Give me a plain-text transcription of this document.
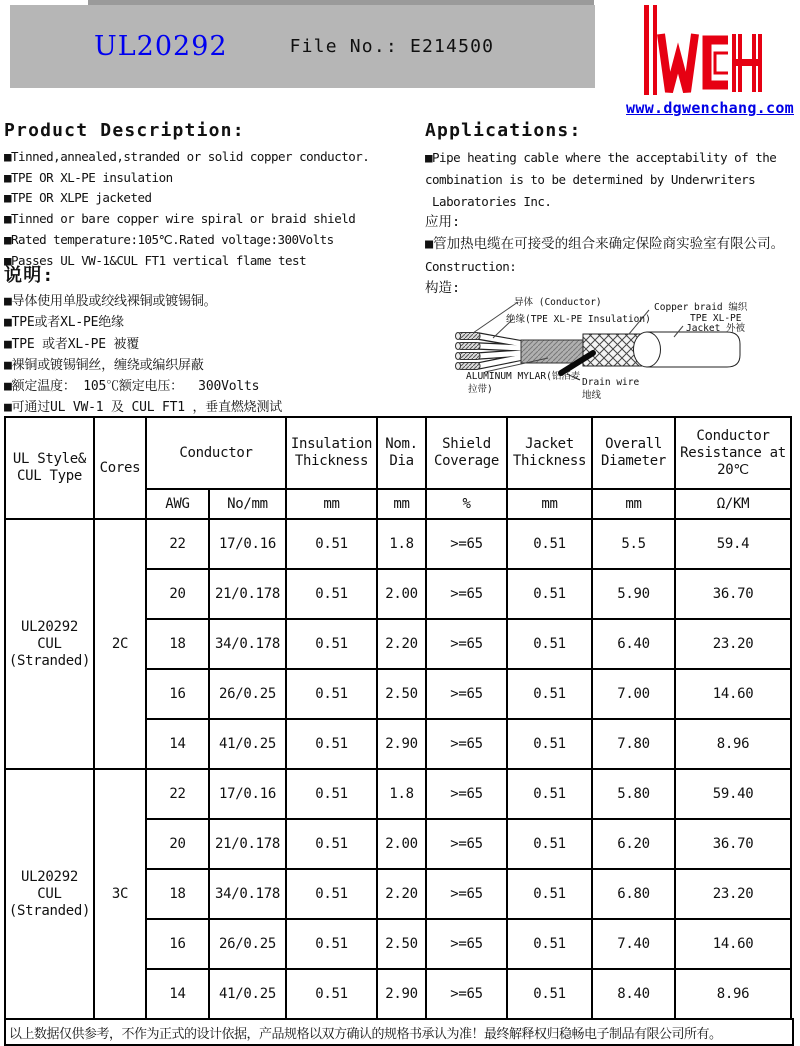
UL20292	File No.: E214500
www.dgwenchang.com
Product Description:
■Tinned,annealed,stranded or solid copper conductor.
■TPE OR XL-PE insulation
■TPE OR XLPE jacketed
■Tinned or bare copper wire spiral or braid shield
■Rated temperature:105℃.Rated voltage:300Volts
■Passes UL VW-1&CUL FT1 vertical flame test
Applications:
■Pipe heating cable where the acceptability of the
combination is to be determined by Underwriters
Laboratories Inc.
应用:
■管加热电缆在可接受的组合来确定保险商实验室有限公司。
Construction:
构造:
说明:
■导体使用单股或绞线裸铜或镀锡铜。
■TPE或者XL-PE绝缘
■TPE 或者XL-PE 被覆
■裸铜或镀锡铜丝，缠绕或编织屏蔽
■额定温度： 105℃额定电压：  300Volts
■可通过UL VW-1 及 CUL FT1 ，垂直燃烧测试
导体 (Conductor)
绝缘(TPE XL-PE Insulation)
Copper braid 编织
TPE XL-PE
Jacket 外被
ALUMINUM MYLAR(铝箔麦
拉带)
Drain wire
地线
UL Style& CUL Type	Cores	Conductor		Insulation Thickness	Nom. Dia	Shield Coverage	Jacket Thickness	Overall Diameter	Conductor Resistance at 20℃
		AWG	No/mm	mm	mm	%	mm	mm	Ω/KM
UL20292 CUL (Stranded)	2C	22	17/0.16	0.51	1.8	>=65	0.51	5.5	59.4
		20	21/0.178	0.51	2.00	>=65	0.51	5.90	36.70
		18	34/0.178	0.51	2.20	>=65	0.51	6.40	23.20
		16	26/0.25	0.51	2.50	>=65	0.51	7.00	14.60
		14	41/0.25	0.51	2.90	>=65	0.51	7.80	8.96
UL20292 CUL (Stranded)	3C	22	17/0.16	0.51	1.8	>=65	0.51	5.80	59.40
		20	21/0.178	0.51	2.00	>=65	0.51	6.20	36.70
		18	34/0.178	0.51	2.20	>=65	0.51	6.80	23.20
		16	26/0.25	0.51	2.50	>=65	0.51	7.40	14.60
		14	41/0.25	0.51	2.90	>=65	0.51	8.40	8.96
以上数据仅供参考，不作为正式的设计依据，产品规格以双方确认的规格书承认为准！最终解释权归稳畅电子制品有限公司所有。
